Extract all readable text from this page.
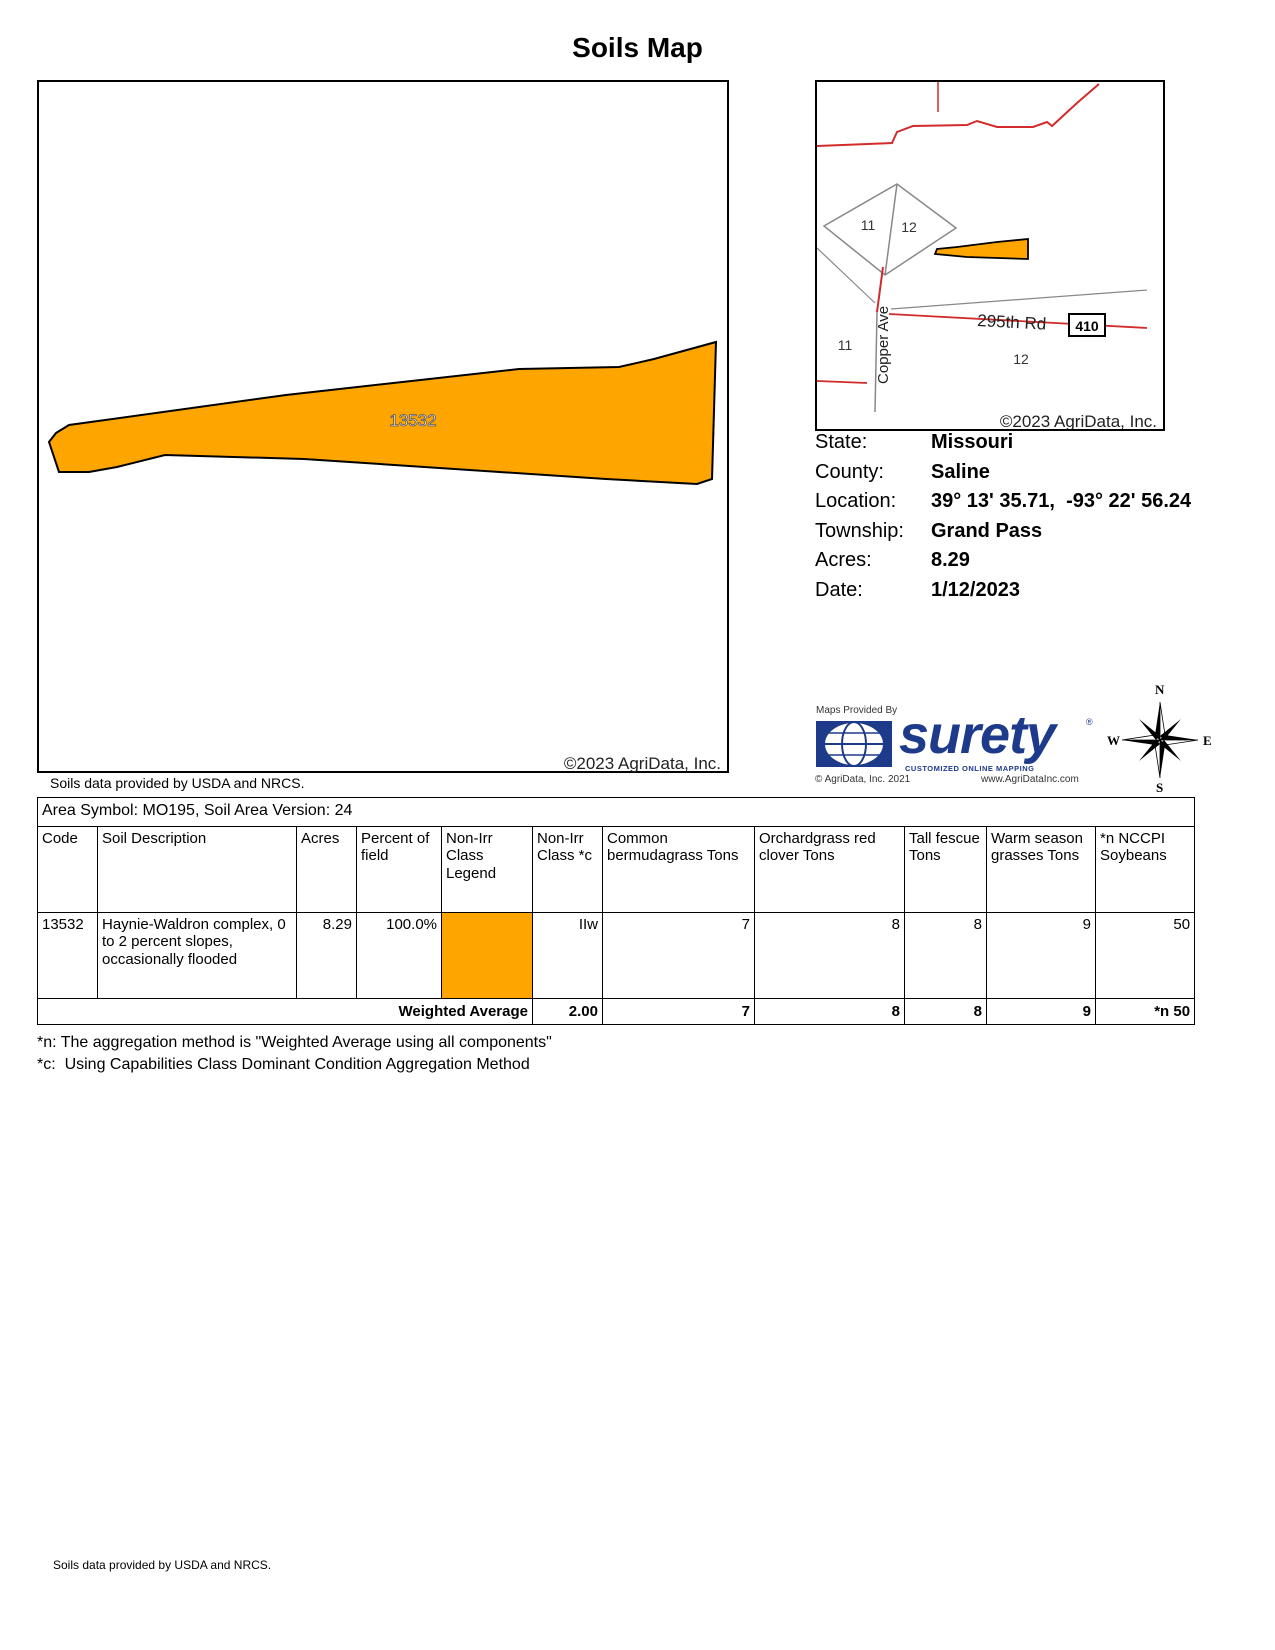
Soils Map
13532
©2023 AgriData, Inc.
Soils data provided by USDA and NRCS.
11 12
11
12
Copper Ave	295th Rd 410
©2023 AgriData, Inc.
State:	Missouri
County:	Saline
Location:	39° 13' 35.71,  -93° 22' 56.24
Township:	Grand Pass
Acres:	8.29
Date:	1/12/2023
Maps Provided By surety	®
CUSTOMIZED ONLINE MAPPING
© AgriData, Inc. 2021	www.AgriDataInc.com
N
S
W	E
Area Symbol: MO195, Soil Area Version: 24										
Code	Soil Description	Acres	Percent of field	Non-Irr Class Legend	Non-Irr Class *c	Common bermudagrass Tons	Orchardgrass red clover Tons	Tall fescue Tons	Warm season grasses Tons	*n NCCPI Soybeans
13532	Haynie-Waldron complex, 0 to 2 percent slopes, occasionally flooded	8.29	100.0%		IIw	7	8	8	9	50
Weighted Average					2.00	7	8	8	9	*n 50
*n: The aggregation method is "Weighted Average using all components"
*c:  Using Capabilities Class Dominant Condition Aggregation Method
Soils data provided by USDA and NRCS.
